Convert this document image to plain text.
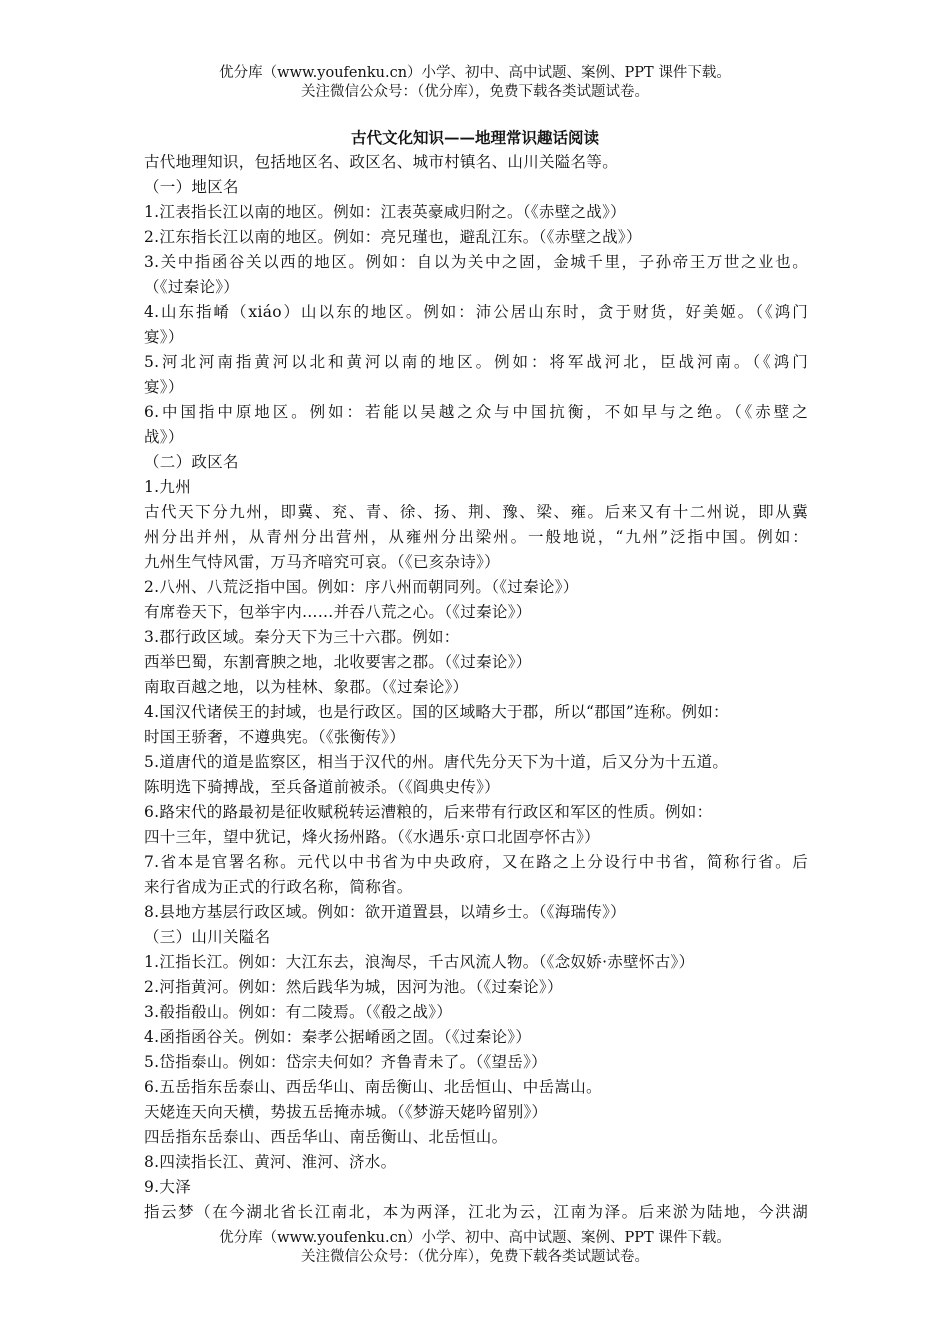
优分库（www.youfenku.cn）小学、初中、高中试题、案例、PPT 课件下载。
关注微信公众号：（优分库），免费下载各类试题试卷。
古代文化知识——地理常识趣话阅读
古代地理知识，包括地区名、政区名、城市村镇名、山川关隘名等。
（一）地区名
1.江表指长江以南的地区。例如：江表英豪咸归附之。（《赤壁之战》）
2.江东指长江以南的地区。例如：亮兄瑾也，避乱江东。（《赤壁之战》）
3.关中指函谷关以西的地区。例如：自以为关中之固，金城千里，子孙帝王万世之业也。
（《过秦论》）
4.山东指崤（xiáo）山以东的地区。例如：沛公居山东时，贪于财货，好美姬。（《鸿门
宴》）
5.河北河南指黄河以北和黄河以南的地区。例如：将军战河北，臣战河南。（《鸿门
宴》）
6.中国指中原地区。例如：若能以吴越之众与中国抗衡，不如早与之绝。（《赤壁之
战》）
（二）政区名
1.九州
古代天下分九州，即冀、兖、青、徐、扬、荆、豫、梁、雍。后来又有十二州说，即从冀
州分出并州，从青州分出营州，从雍州分出梁州。一般地说，“九州”泛指中国。例如：
九州生气恃风雷，万马齐喑究可哀。（《已亥杂诗》）
2.八州、八荒泛指中国。例如：序八州而朝同列。（《过秦论》）
有席卷天下，包举宇内……并吞八荒之心。（《过秦论》）
3.郡行政区域。秦分天下为三十六郡。例如：
西举巴蜀，东割膏腴之地，北收要害之郡。（《过秦论》）
南取百越之地，以为桂林、象郡。（《过秦论》）
4.国汉代诸侯王的封域，也是行政区。国的区域略大于郡，所以“郡国”连称。例如：
时国王骄奢，不遵典宪。（《张衡传》）
5.道唐代的道是监察区，相当于汉代的州。唐代先分天下为十道，后又分为十五道。
陈明选下骑搏战，至兵备道前被杀。（《阎典史传》）
6.路宋代的路最初是征收赋税转运漕粮的，后来带有行政区和军区的性质。例如：
四十三年，望中犹记，烽火扬州路。（《水遇乐·京口北固亭怀古》）
7.省本是官署名称。元代以中书省为中央政府，又在路之上分设行中书省，简称行省。后
来行省成为正式的行政名称，简称省。
8.县地方基层行政区域。例如：欲开道置县，以靖乡士。（《海瑞传》）
（三）山川关隘名
1.江指长江。例如：大江东去，浪淘尽，千古风流人物。（《念奴娇·赤壁怀古》）
2.河指黄河。例如：然后践华为城，因河为池。（《过秦论》）
3.殽指殽山。例如：有二陵焉。（《殽之战》）
4.函指函谷关。例如：秦孝公据崤函之固。（《过秦论》）
5.岱指泰山。例如：岱宗夫何如？齐鲁青未了。（《望岳》）
6.五岳指东岳泰山、西岳华山、南岳衡山、北岳恒山、中岳嵩山。
天姥连天向天横，势拔五岳掩赤城。（《梦游天姥吟留别》）
四岳指东岳泰山、西岳华山、南岳衡山、北岳恒山。
8.四渎指长江、黄河、淮河、济水。
9.大泽
指云梦（在今湖北省长江南北，本为两泽，江北为云，江南为泽。后来淤为陆地，今洪湖
优分库（www.youfenku.cn）小学、初中、高中试题、案例、PPT 课件下载。
关注微信公众号：（优分库），免费下载各类试题试卷。
